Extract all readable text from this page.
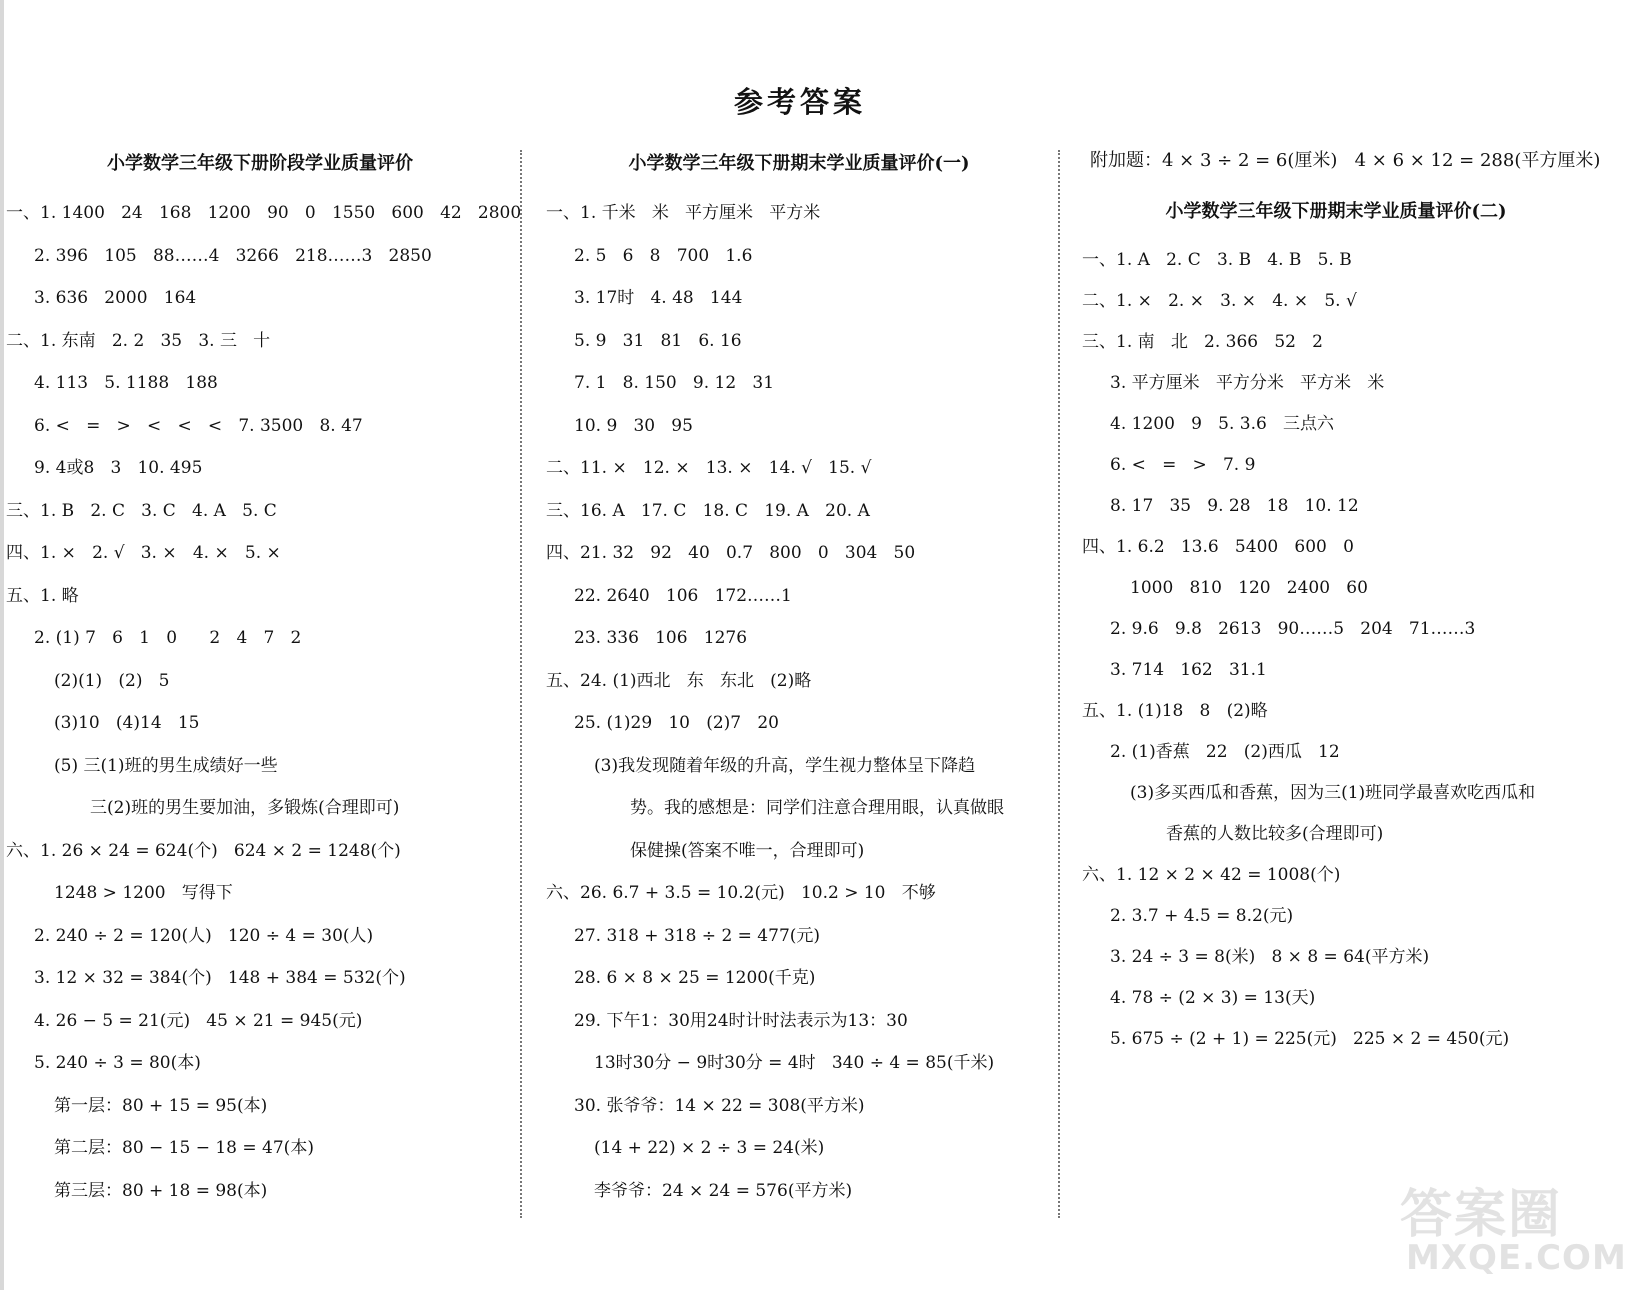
参考答案
小学数学三年级下册阶段学业质量评价
一、1. 1400   24   168   1200   90   0   1550   600   42   2800
2. 396   105   88……4   3266   218……3   2850
3. 636   2000   164
二、1. 东南   2. 2   35   3. 三   十
4. 113   5. 1188   188
6. <   =   >   <   <   <   7. 3500   8. 47
9. 4或8   3   10. 495
三、1. B   2. C   3. C   4. A   5. C
四、1. ×   2. √   3. ×   4. ×   5. ×
五、1. 略
2. (1) 7   6   1   0      2   4   7   2
(2)(1)   (2)   5
(3)10   (4)14   15
(5) 三(1)班的男生成绩好一些
三(2)班的男生要加油，多锻炼(合理即可)
六、1. 26 × 24 = 624(个)   624 × 2 = 1248(个)
1248 > 1200   写得下
2. 240 ÷ 2 = 120(人)   120 ÷ 4 = 30(人)
3. 12 × 32 = 384(个)   148 + 384 = 532(个)
4. 26 − 5 = 21(元)   45 × 21 = 945(元)
5. 240 ÷ 3 = 80(本)
第一层：80 + 15 = 95(本)
第二层：80 − 15 − 18 = 47(本)
第三层：80 + 18 = 98(本)
小学数学三年级下册期末学业质量评价(一)
一、1. 千米   米   平方厘米   平方米
2. 5   6   8   700   1.6
3. 17时   4. 48   144
5. 9   31   81   6. 16
7. 1   8. 150   9. 12   31
10. 9   30   95
二、11. ×   12. ×   13. ×   14. √   15. √
三、16. A   17. C   18. C   19. A   20. A
四、21. 32   92   40   0.7   800   0   304   50
22. 2640   106   172……1
23. 336   106   1276
五、24. (1)西北   东   东北   (2)略
25. (1)29   10   (2)7   20
(3)我发现随着年级的升高，学生视力整体呈下降趋
势。我的感想是：同学们注意合理用眼，认真做眼
保健操(答案不唯一，合理即可)
六、26. 6.7 + 3.5 = 10.2(元)   10.2 > 10   不够
27. 318 + 318 ÷ 2 = 477(元)
28. 6 × 8 × 25 = 1200(千克)
29. 下午1：30用24时计时法表示为13：30
13时30分 − 9时30分 = 4时   340 ÷ 4 = 85(千米)
30. 张爷爷：14 × 22 = 308(平方米)
(14 + 22) × 2 ÷ 3 = 24(米)
李爷爷：24 × 24 = 576(平方米)
附加题：4 × 3 ÷ 2 = 6(厘米)   4 × 6 × 12 = 288(平方厘米)
小学数学三年级下册期末学业质量评价(二)
一、1. A   2. C   3. B   4. B   5. B
二、1. ×   2. ×   3. ×   4. ×   5. √
三、1. 南   北   2. 366   52   2
3. 平方厘米   平方分米   平方米   米
4. 1200   9   5. 3.6   三点六
6. <   =   >   7. 9
8. 17   35   9. 28   18   10. 12
四、1. 6.2   13.6   5400   600   0
1000   810   120   2400   60
2. 9.6   9.8   2613   90……5   204   71……3
3. 714   162   31.1
五、1. (1)18   8   (2)略
2. (1)香蕉   22   (2)西瓜   12
(3)多买西瓜和香蕉，因为三(1)班同学最喜欢吃西瓜和
香蕉的人数比较多(合理即可)
六、1. 12 × 2 × 42 = 1008(个)
2. 3.7 + 4.5 = 8.2(元)
3. 24 ÷ 3 = 8(米)   8 × 8 = 64(平方米)
4. 78 ÷ (2 × 3) = 13(天)
5. 675 ÷ (2 + 1) = 225(元)   225 × 2 = 450(元)
答案圈
MXQE.COM
